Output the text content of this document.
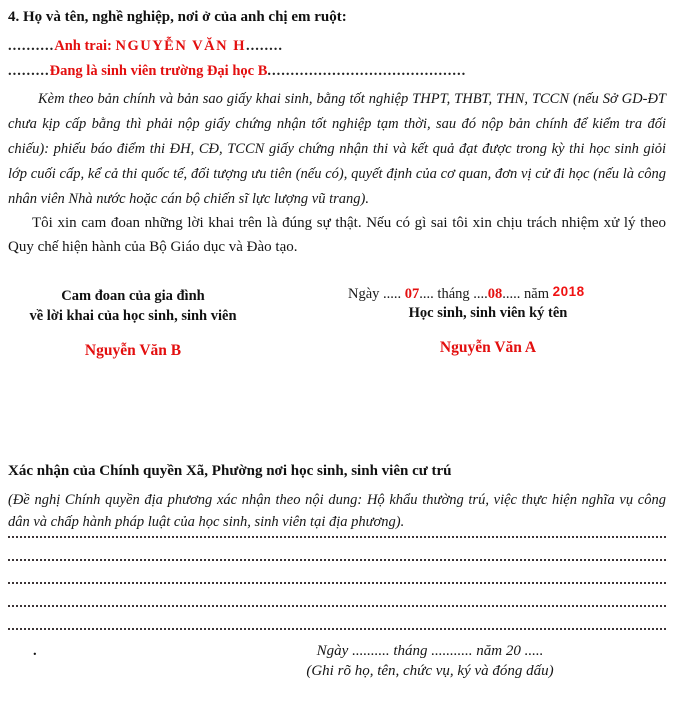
4. Họ và tên, nghề nghiệp, nơi ở của anh chị em ruột:
..........Anh trai: NGUYỄN VĂN H........
.........Đang là sinh viên trường Đại học B...........................................
Kèm theo bản chính và bản sao giấy khai sinh, bằng tốt nghiệp THPT, THBT, THN, TCCN (nếu Sở GD-ĐT chưa kịp cấp bằng thì phải nộp giấy chứng nhận tốt nghiệp tạm thời, sau đó nộp bản chính để kiểm tra đối chiếu): phiếu báo điểm thi ĐH, CĐ, TCCN giấy chứng nhận thi và kết quả đạt được trong kỳ thi học sinh giỏi lớp cuối cấp, kể cả thi quốc tế, đối tượng ưu tiên (nếu có), quyết định của cơ quan, đơn vị cử đi học (nếu là công nhân viên Nhà nước hoặc cán bộ chiến sĩ lực lượng vũ trang).
Tôi xin cam đoan những lời khai trên là đúng sự thật. Nếu có gì sai tôi xin chịu trách nhiệm xử lý theo Quy chế hiện hành của Bộ Giáo dục và Đào tạo.
Cam đoan của gia đình
về lời khai của học sinh, sinh viên
Nguyễn Văn B
Ngày ..... 07.... tháng ....08..... năm 2018
Học sinh, sinh viên ký tên
Nguyễn Văn A
Xác nhận của Chính quyền Xã, Phường nơi học sinh, sinh viên cư trú
(Đề nghị Chính quyền địa phương xác nhận theo nội dung: Hộ khẩu thường trú, việc thực hiện nghĩa vụ công dân và chấp hành pháp luật của học sinh, sinh viên tại địa phương).
.	Ngày .......... tháng ........... năm 20 .....
(Ghi rõ họ, tên, chức vụ, ký và đóng dấu)
